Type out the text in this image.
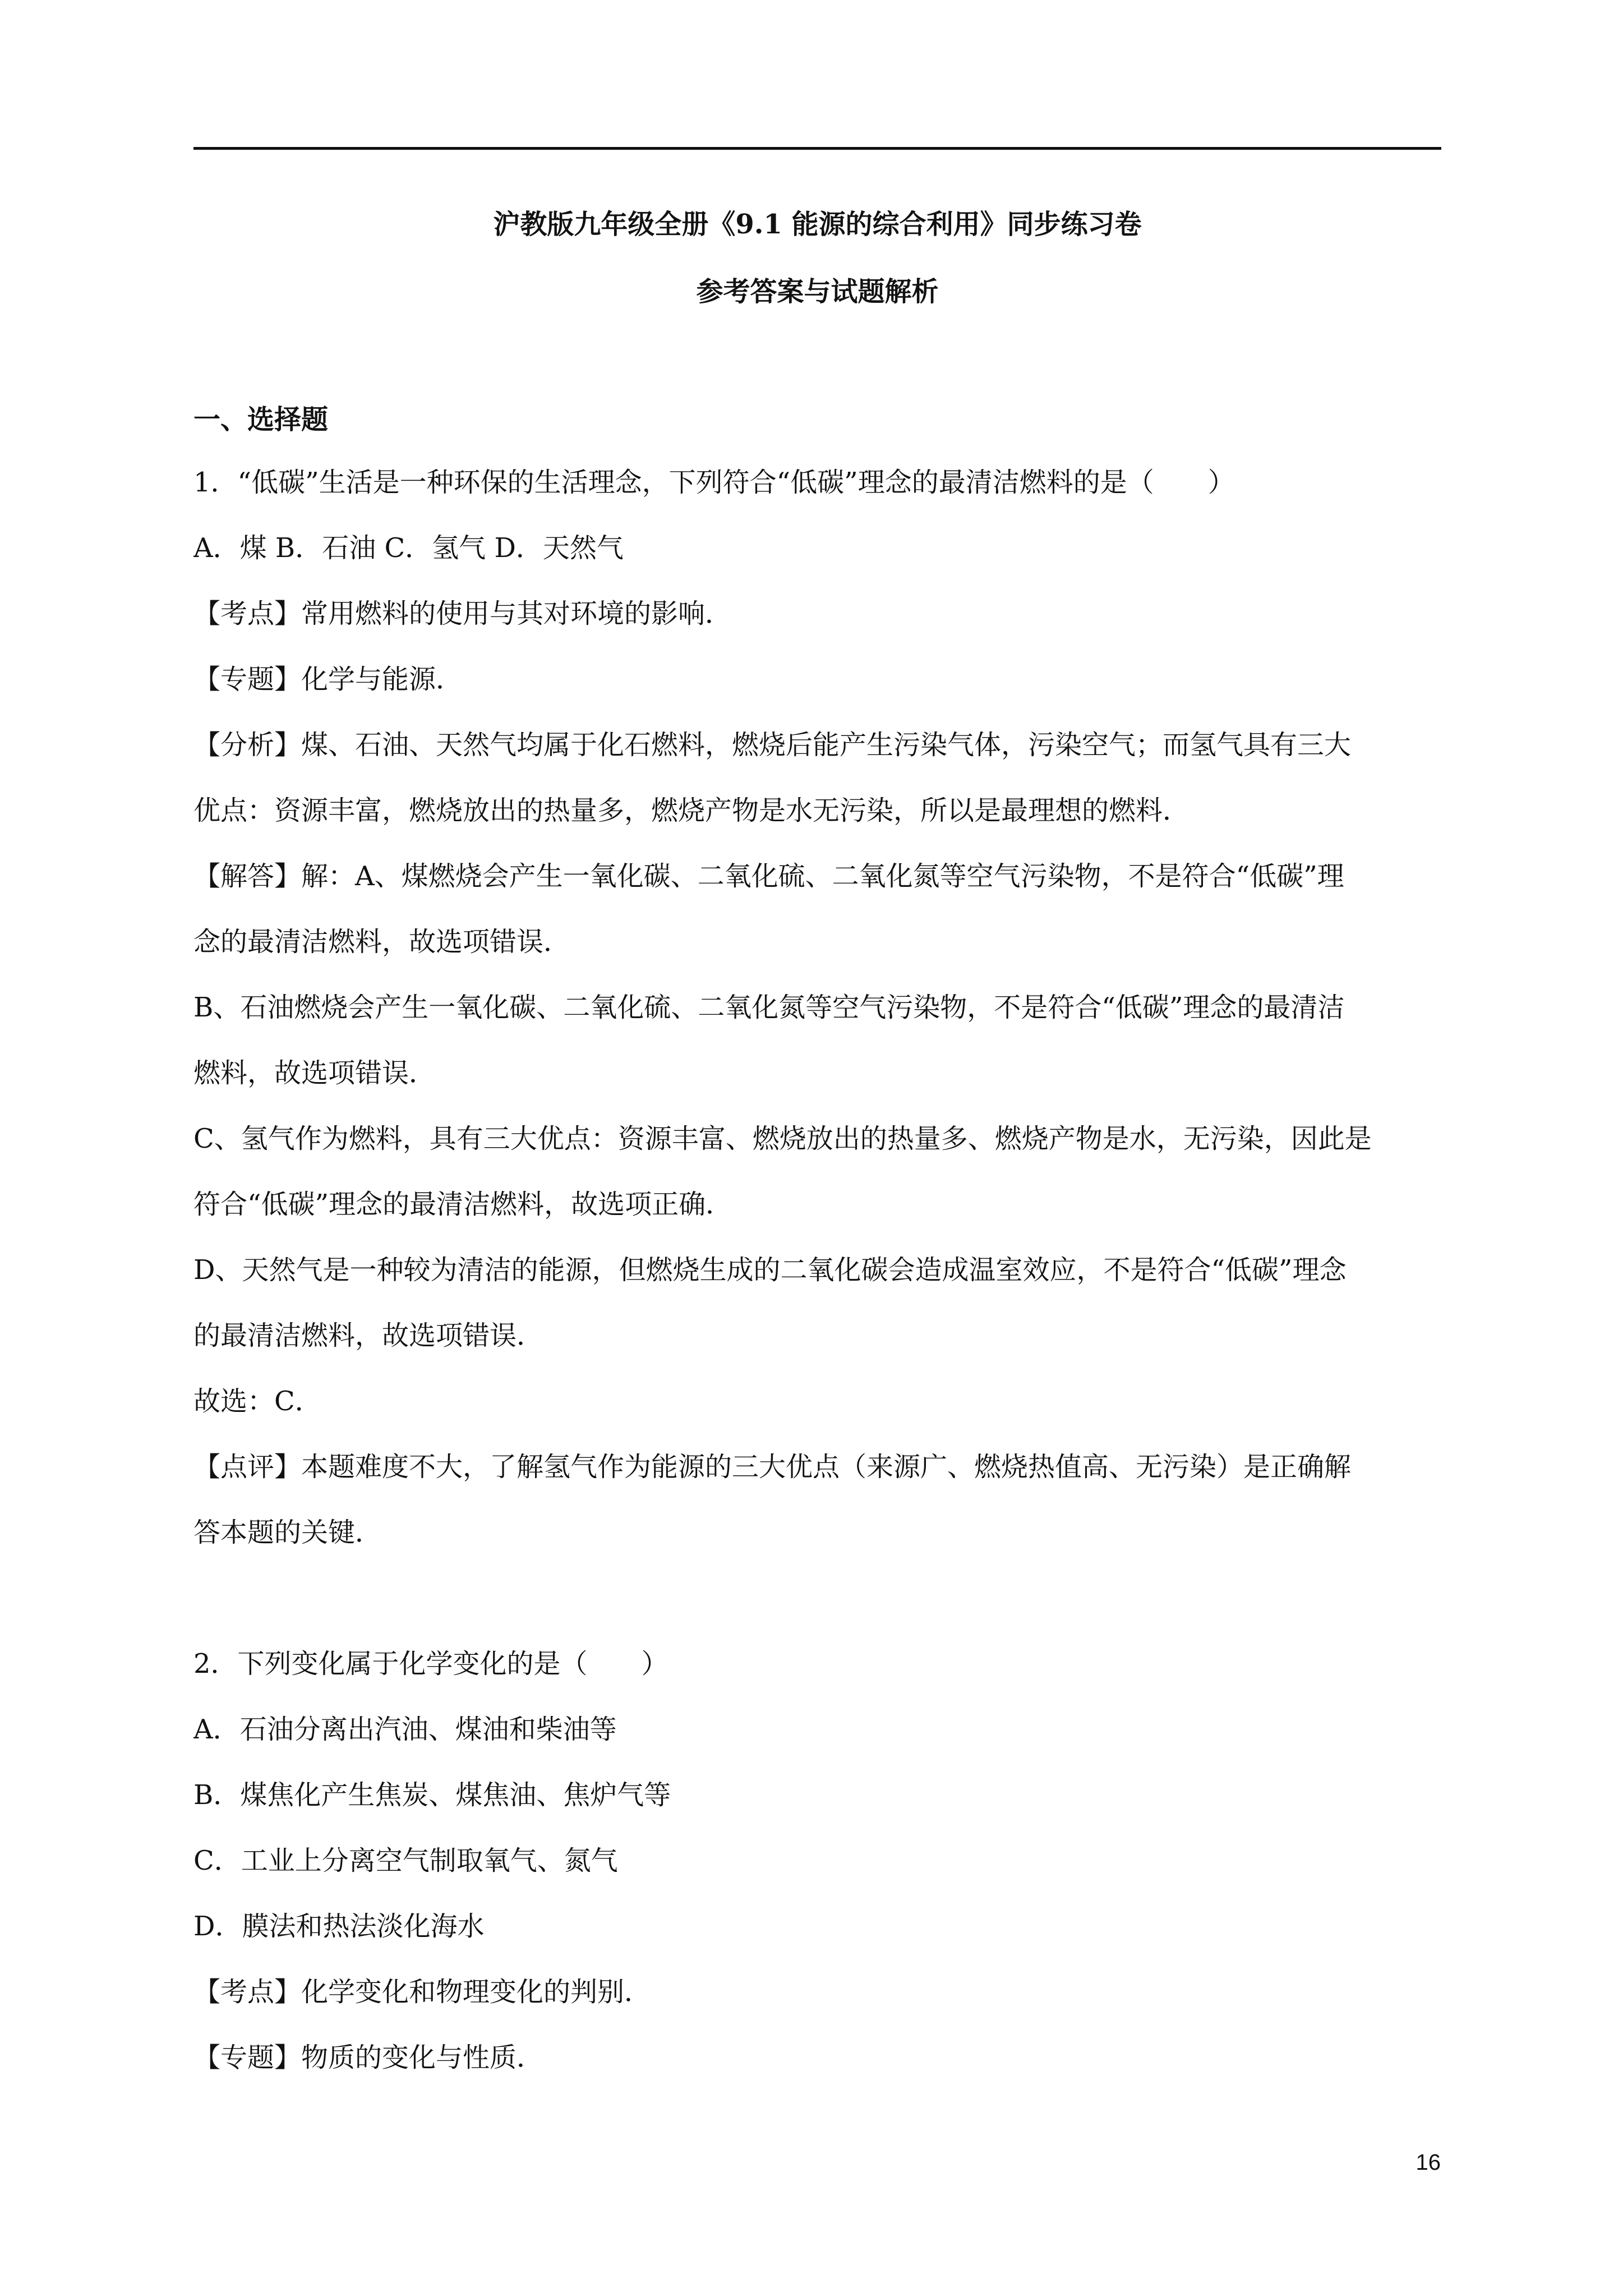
沪教版九年级全册《9.1 能源的综合利用》同步练习卷
参考答案与试题解析
一、选择题
1．“低碳”生活是一种环保的生活理念，下列符合“低碳”理念的最清洁燃料的是（　　）
A．煤 B．石油 C．氢气 D．天然气
【考点】常用燃料的使用与其对环境的影响．
【专题】化学与能源．
【分析】煤、石油、天然气均属于化石燃料，燃烧后能产生污染气体，污染空气；而氢气具有三大
优点：资源丰富，燃烧放出的热量多，燃烧产物是水无污染，所以是最理想的燃料．
【解答】解：A、煤燃烧会产生一氧化碳、二氧化硫、二氧化氮等空气污染物，不是符合“低碳”理
念的最清洁燃料，故选项错误．
B、石油燃烧会产生一氧化碳、二氧化硫、二氧化氮等空气污染物，不是符合“低碳”理念的最清洁
燃料，故选项错误．
C、氢气作为燃料，具有三大优点：资源丰富、燃烧放出的热量多、燃烧产物是水，无污染，因此是
符合“低碳”理念的最清洁燃料，故选项正确．
D、天然气是一种较为清洁的能源，但燃烧生成的二氧化碳会造成温室效应，不是符合“低碳”理念
的最清洁燃料，故选项错误．
故选：C．
【点评】本题难度不大，了解氢气作为能源的三大优点（来源广、燃烧热值高、无污染）是正确解
答本题的关键．
2．下列变化属于化学变化的是（　　）
A．石油分离出汽油、煤油和柴油等
B．煤焦化产生焦炭、煤焦油、焦炉气等
C．工业上分离空气制取氧气、氮气
D．膜法和热法淡化海水
【考点】化学变化和物理变化的判别．
【专题】物质的变化与性质．
16
